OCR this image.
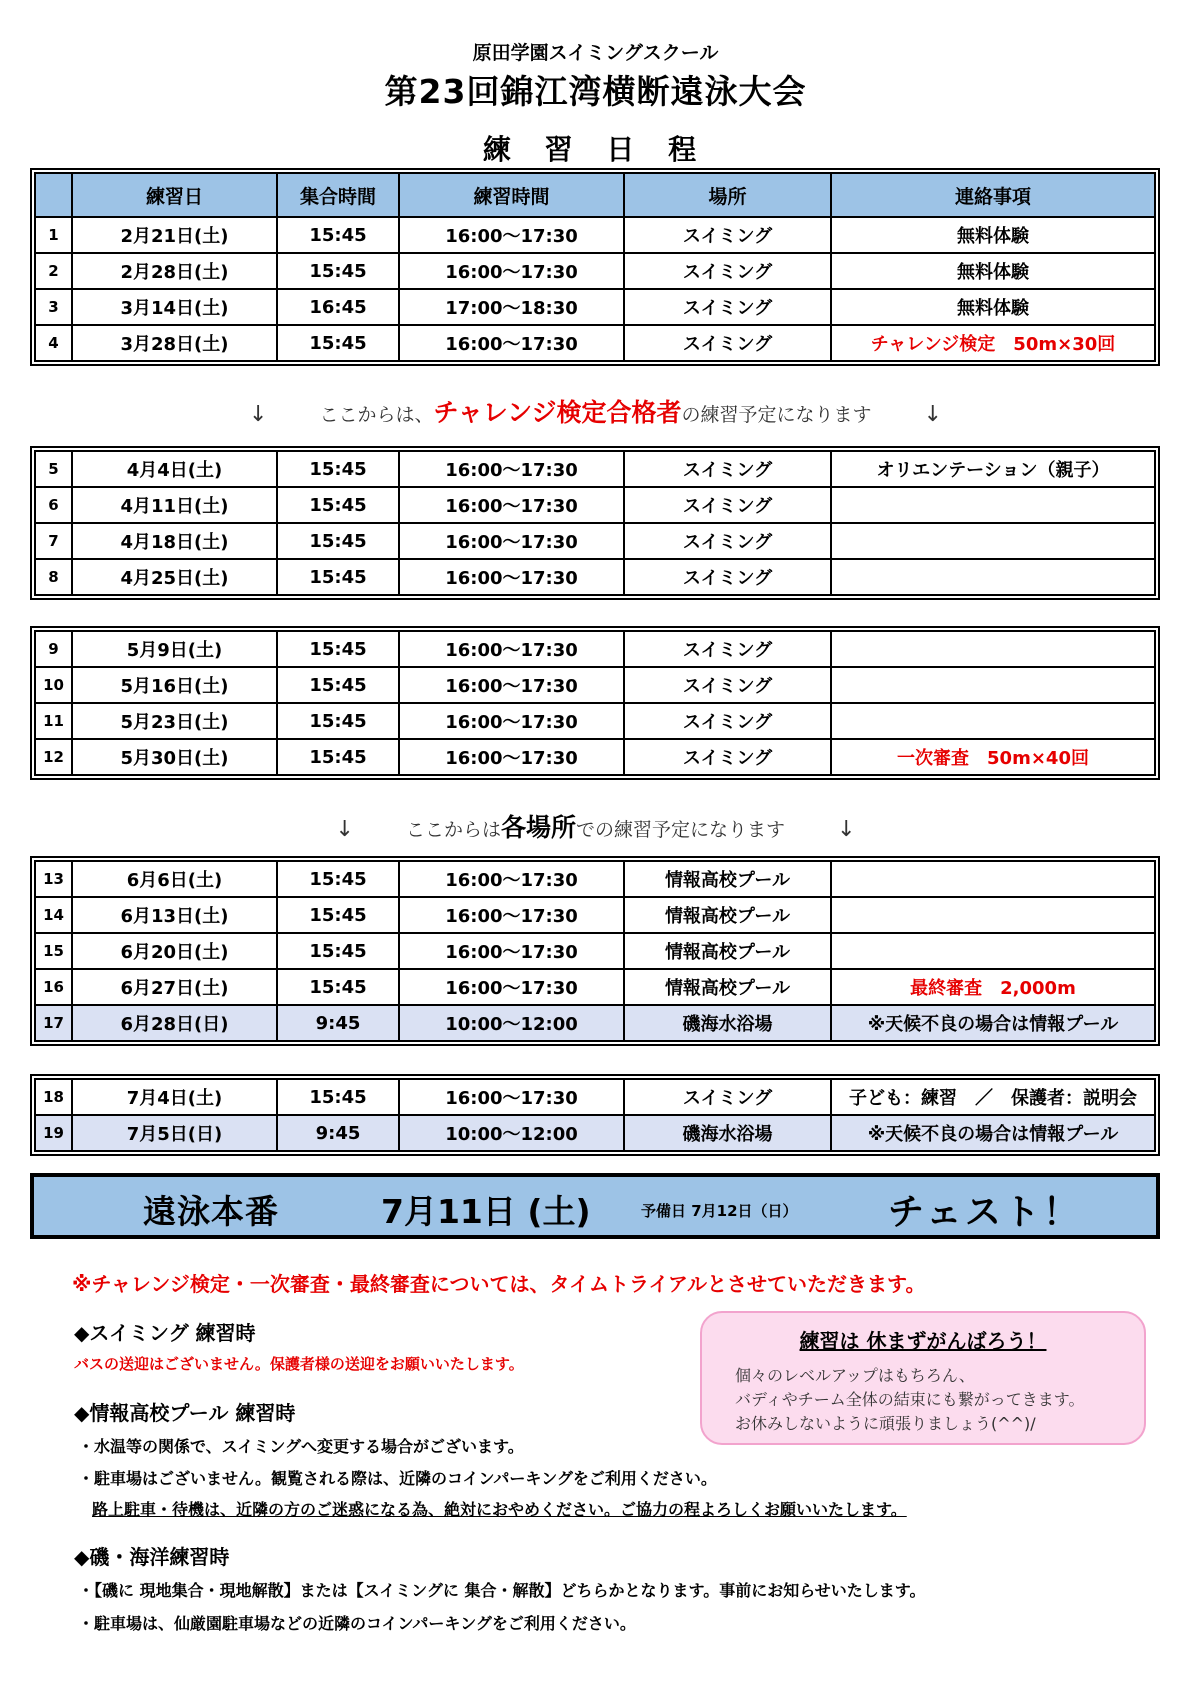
原田学園スイミングスクール
第23回錦江湾横断遠泳大会
練 習 日 程
	練習日	集合時間	練習時間	場所	連絡事項
1	2月21日(土)	15:45	16:00〜17:30	スイミング	無料体験
2	2月28日(土)	15:45	16:00〜17:30	スイミング	無料体験
3	3月14日(土)	16:45	17:00〜18:30	スイミング	無料体験
4	3月28日(土)	15:45	16:00〜17:30	スイミング	チャレンジ検定　50m×30回
↓	ここからは、チャレンジ検定合格者の練習予定になります ↓
5	4月4日(土)	15:45	16:00〜17:30	スイミング	オリエンテーション（親子）
6	4月11日(土)	15:45	16:00〜17:30	スイミング	
7	4月18日(土)	15:45	16:00〜17:30	スイミング	
8	4月25日(土)	15:45	16:00〜17:30	スイミング	
9	5月9日(土)	15:45	16:00〜17:30	スイミング	
10	5月16日(土)	15:45	16:00〜17:30	スイミング	
11	5月23日(土)	15:45	16:00〜17:30	スイミング	
12	5月30日(土)	15:45	16:00〜17:30	スイミング	一次審査　50m×40回
↓	ここからは各場所での練習予定になります ↓
13	6月6日(土)	15:45	16:00〜17:30	情報高校プール	
14	6月13日(土)	15:45	16:00〜17:30	情報高校プール	
15	6月20日(土)	15:45	16:00〜17:30	情報高校プール	
16	6月27日(土)	15:45	16:00〜17:30	情報高校プール	最終審査　2,000m
17	6月28日(日)	9:45	10:00〜12:00	磯海水浴場	※天候不良の場合は情報プール
18	7月4日(土)	15:45	16:00〜17:30	スイミング	子ども：練習　／　保護者：説明会
19	7月5日(日)	9:45	10:00〜12:00	磯海水浴場	※天候不良の場合は情報プール
遠泳本番	7月11日 (土)	予備日 7月12日（日）	チェスト！
※チャレンジ検定・一次審査・最終審査については、タイムトライアルとさせていただきます。
◆スイミング 練習時
バスの送迎はございません。保護者様の送迎をお願いいたします。
◆情報高校プール 練習時
・水温等の関係で、スイミングへ変更する場合がございます。
・駐車場はございません。観覧される際は、近隣のコインパーキングをご利用ください。
路上駐車・待機は、近隣の方のご迷惑になる為、絶対におやめください。ご協力の程よろしくお願いいたします。
◆磯・海洋練習時
・【磯に 現地集合・現地解散】または【スイミングに 集合・解散】どちらかとなります。事前にお知らせいたします。
・駐車場は、仙厳園駐車場などの近隣のコインパーキングをご利用ください。
練習は 休まずがんばろう！
個々のレベルアップはもちろん、
バディやチーム全体の結束にも繋がってきます。
お休みしないように頑張りましょう(^^)/
